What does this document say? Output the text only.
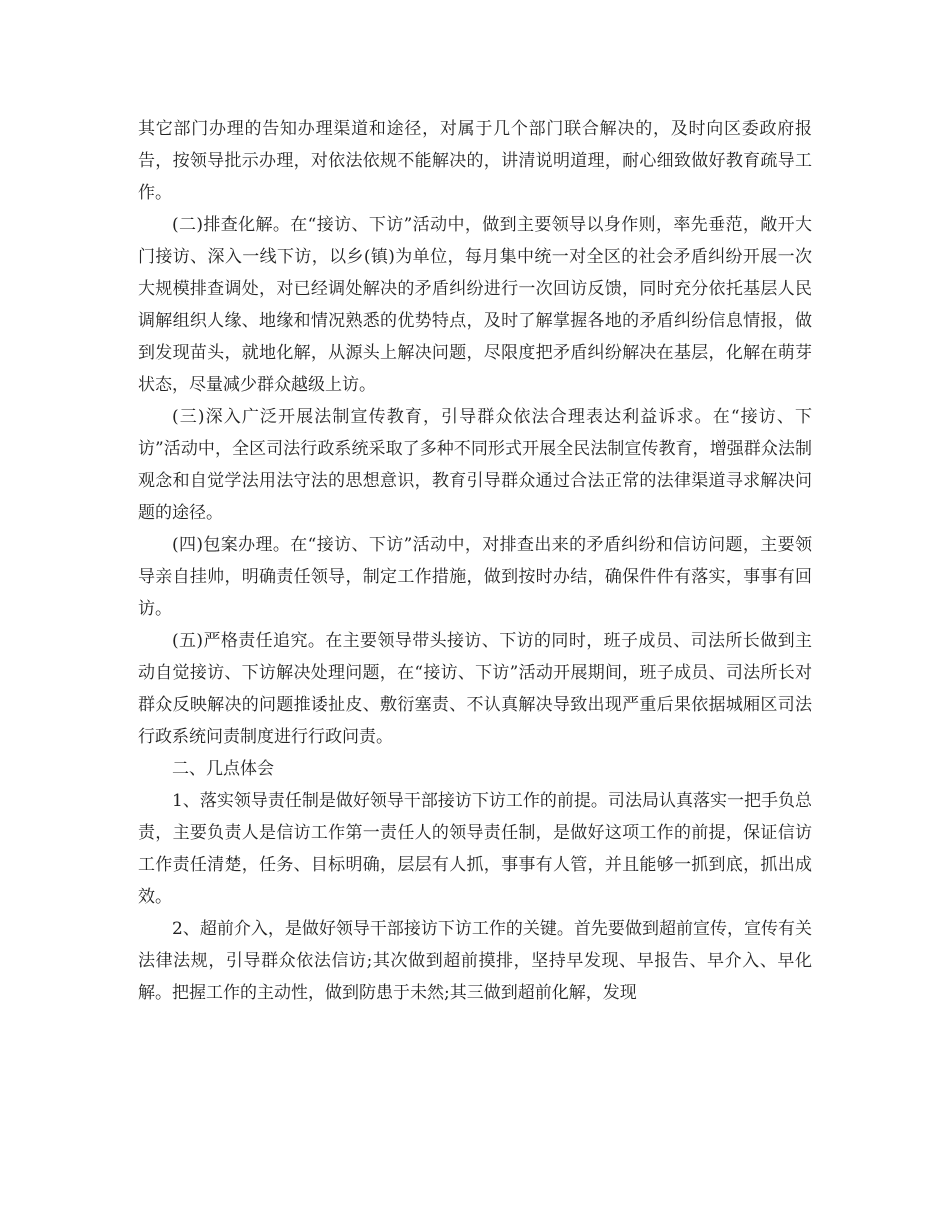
其它部门办理的告知办理渠道和途径，对属于几个部门联合解决的，及时向区委政府报告，按领导批示办理，对依法依规不能解决的，讲清说明道理，耐心细致做好教育疏导工作。

(二)排查化解。在“接访、下访”活动中，做到主要领导以身作则，率先垂范，敞开大门接访、深入一线下访，以乡(镇)为单位，每月集中统一对全区的社会矛盾纠纷开展一次大规模排查调处，对已经调处解决的矛盾纠纷进行一次回访反馈，同时充分依托基层人民调解组织人缘、地缘和情况熟悉的优势特点，及时了解掌握各地的矛盾纠纷信息情报，做到发现苗头，就地化解，从源头上解决问题，尽限度把矛盾纠纷解决在基层，化解在萌芽状态，尽量减少群众越级上访。

(三)深入广泛开展法制宣传教育，引导群众依法合理表达利益诉求。在“接访、下访”活动中，全区司法行政系统采取了多种不同形式开展全民法制宣传教育，增强群众法制观念和自觉学法用法守法的思想意识，教育引导群众通过合法正常的法律渠道寻求解决问题的途径。

(四)包案办理。在“接访、下访”活动中，对排查出来的矛盾纠纷和信访问题，主要领导亲自挂帅，明确责任领导，制定工作措施，做到按时办结，确保件件有落实，事事有回访。

(五)严格责任追究。在主要领导带头接访、下访的同时，班子成员、司法所长做到主动自觉接访、下访解决处理问题，在“接访、下访”活动开展期间，班子成员、司法所长对群众反映解决的问题推诿扯皮、敷衍塞责、不认真解决导致出现严重后果依据城厢区司法行政系统问责制度进行行政问责。

二、几点体会

1、落实领导责任制是做好领导干部接访下访工作的前提。司法局认真落实一把手负总责，主要负责人是信访工作第一责任人的领导责任制，是做好这项工作的前提，保证信访工作责任清楚，任务、目标明确，层层有人抓，事事有人管，并且能够一抓到底，抓出成效。

2、超前介入，是做好领导干部接访下访工作的关键。首先要做到超前宣传，宣传有关法律法规，引导群众依法信访;其次做到超前摸排，坚持早发现、早报告、早介入、早化解。把握工作的主动性，做到防患于未然;其三做到超前化解，发现
